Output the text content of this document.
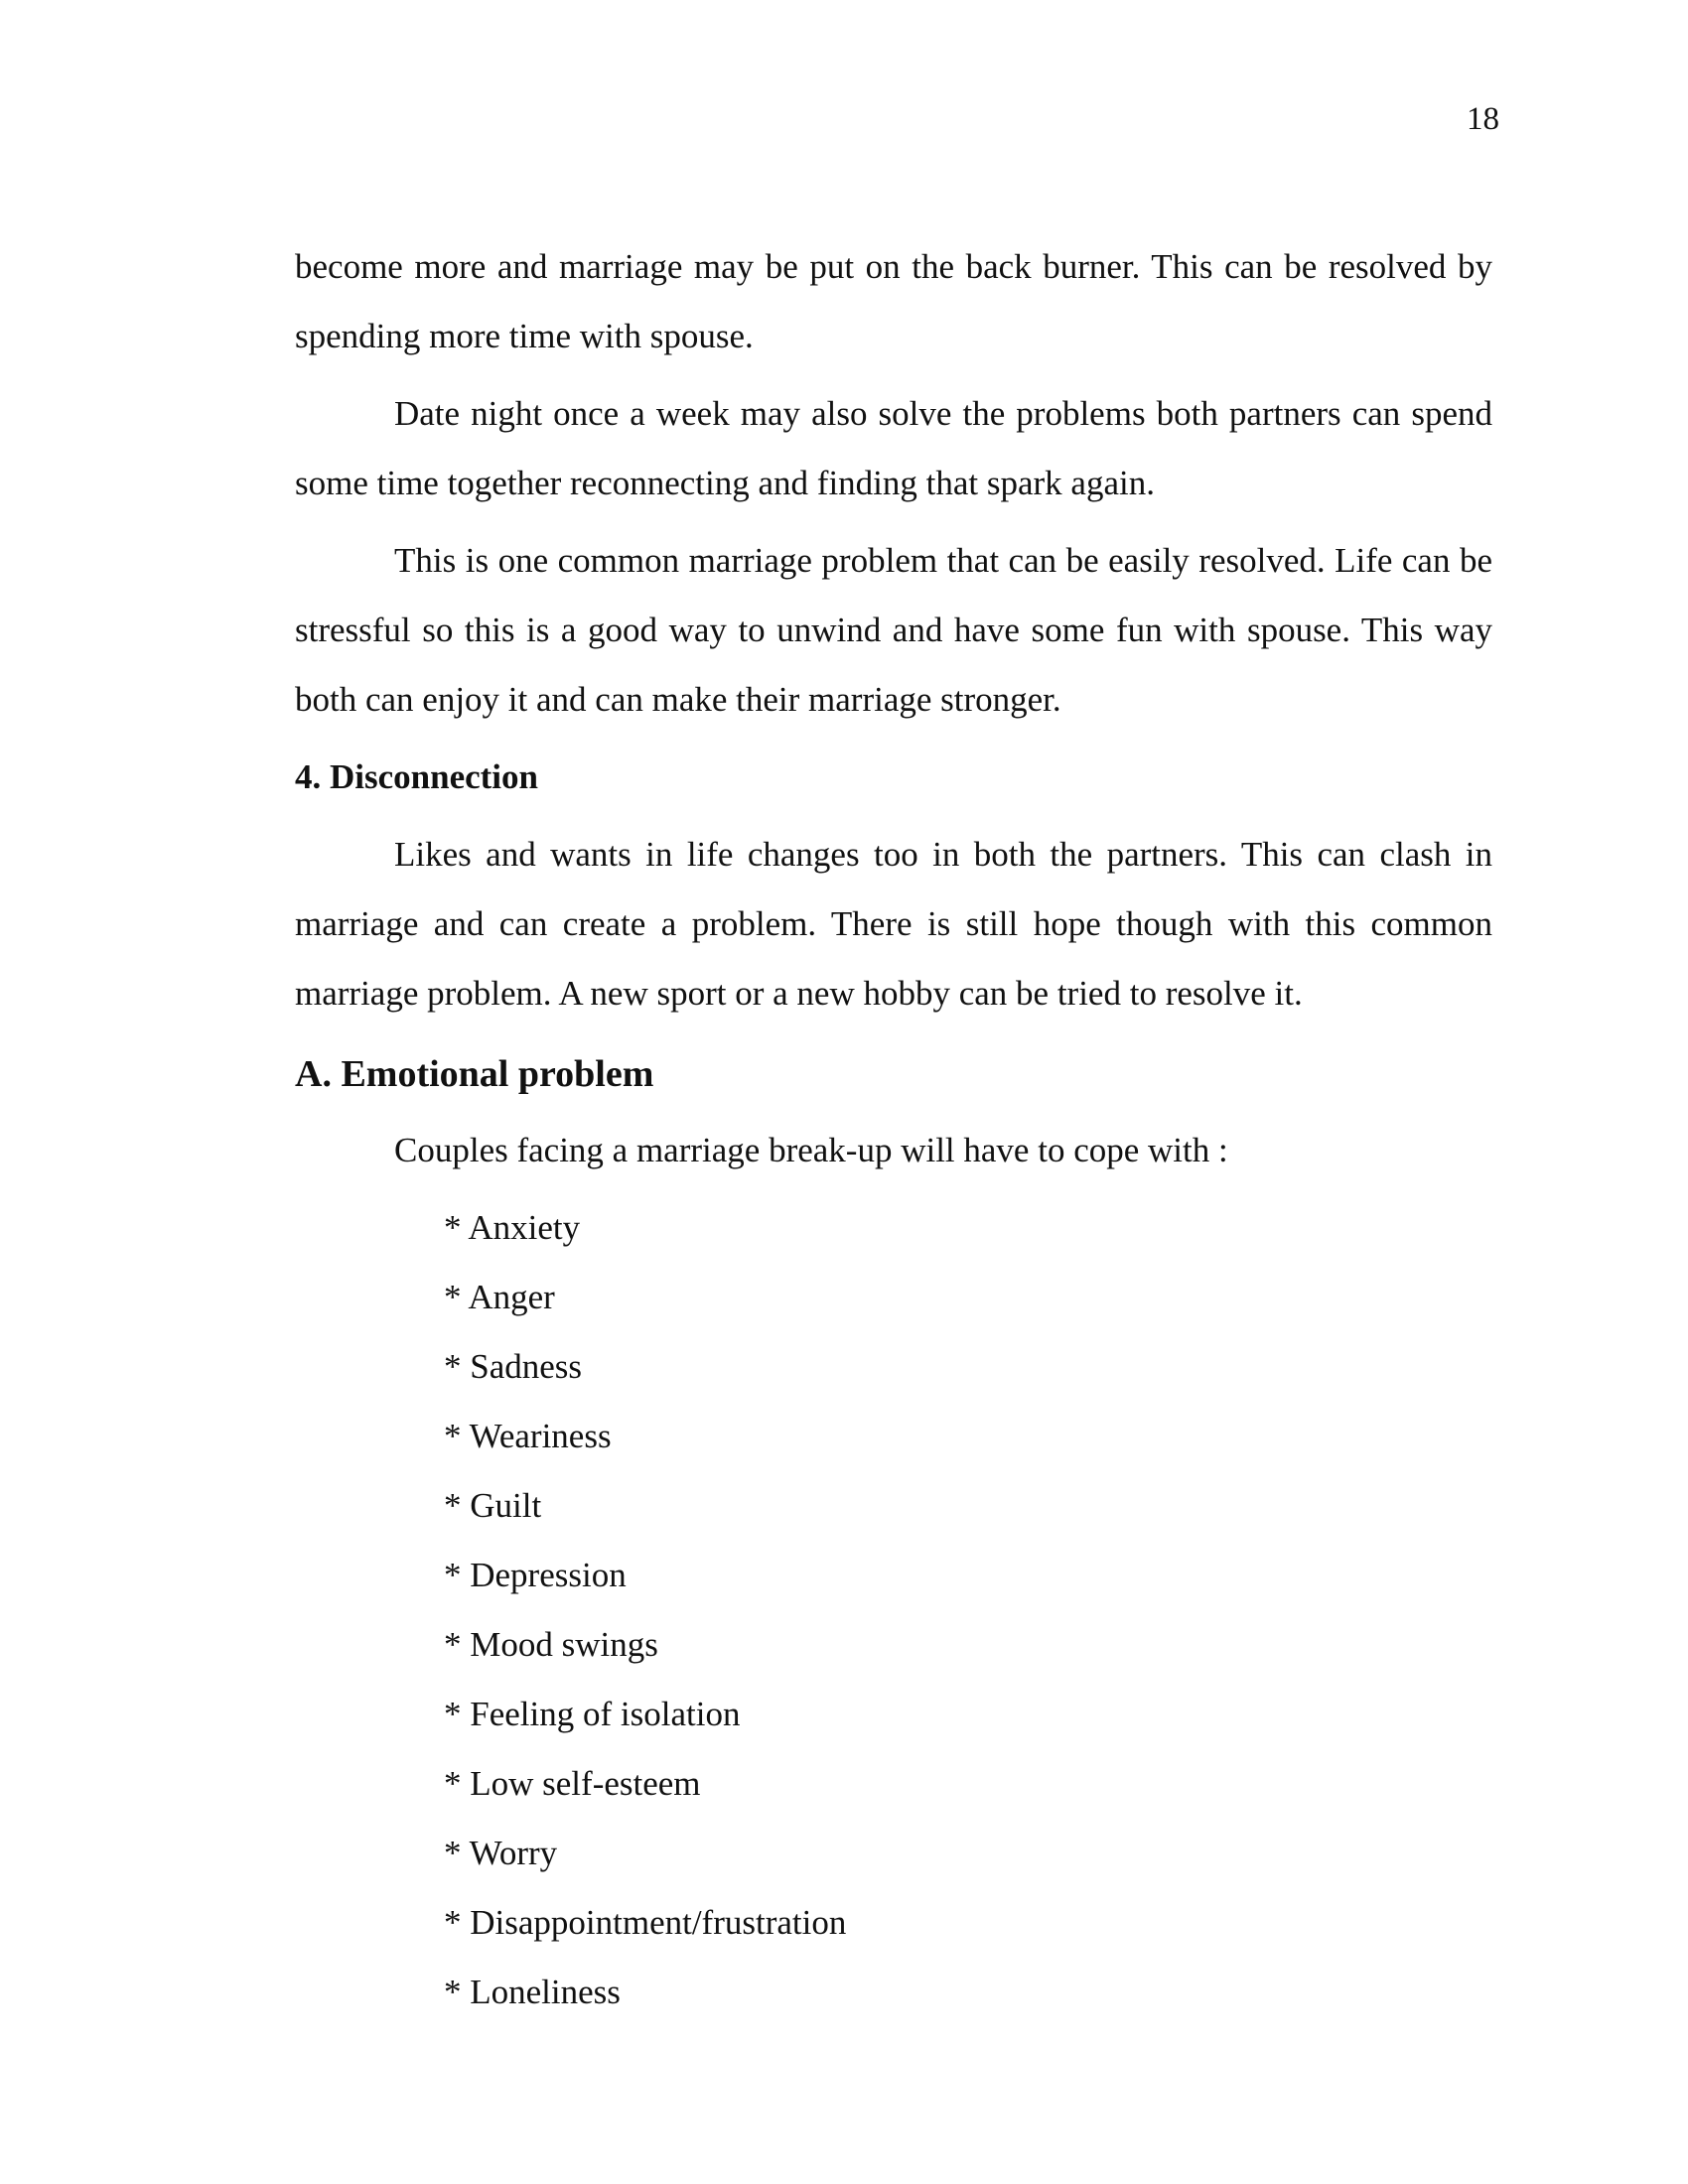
18

become more and marriage may be put on the back burner. This can be resolved by spending more time with spouse.

Date night once a week may also solve the problems both partners can spend some time together reconnecting and finding that spark again.

This is one common marriage problem that can be easily resolved. Life can be stressful so this is a good way to unwind and have some fun with spouse. This way both can enjoy it and can make their marriage stronger.

4. Disconnection

Likes and wants in life changes too in both the partners. This can clash in marriage and can create a problem. There is still hope though with this common marriage problem. A new sport or a new hobby can be tried to resolve it.

A. Emotional problem
Couples facing a marriage break-up will have to cope with :
* Anxiety
* Anger
* Sadness
* Weariness
* Guilt
* Depression
* Mood swings
* Feeling of isolation
* Low self-esteem
* Worry
* Disappointment/frustration
* Loneliness
